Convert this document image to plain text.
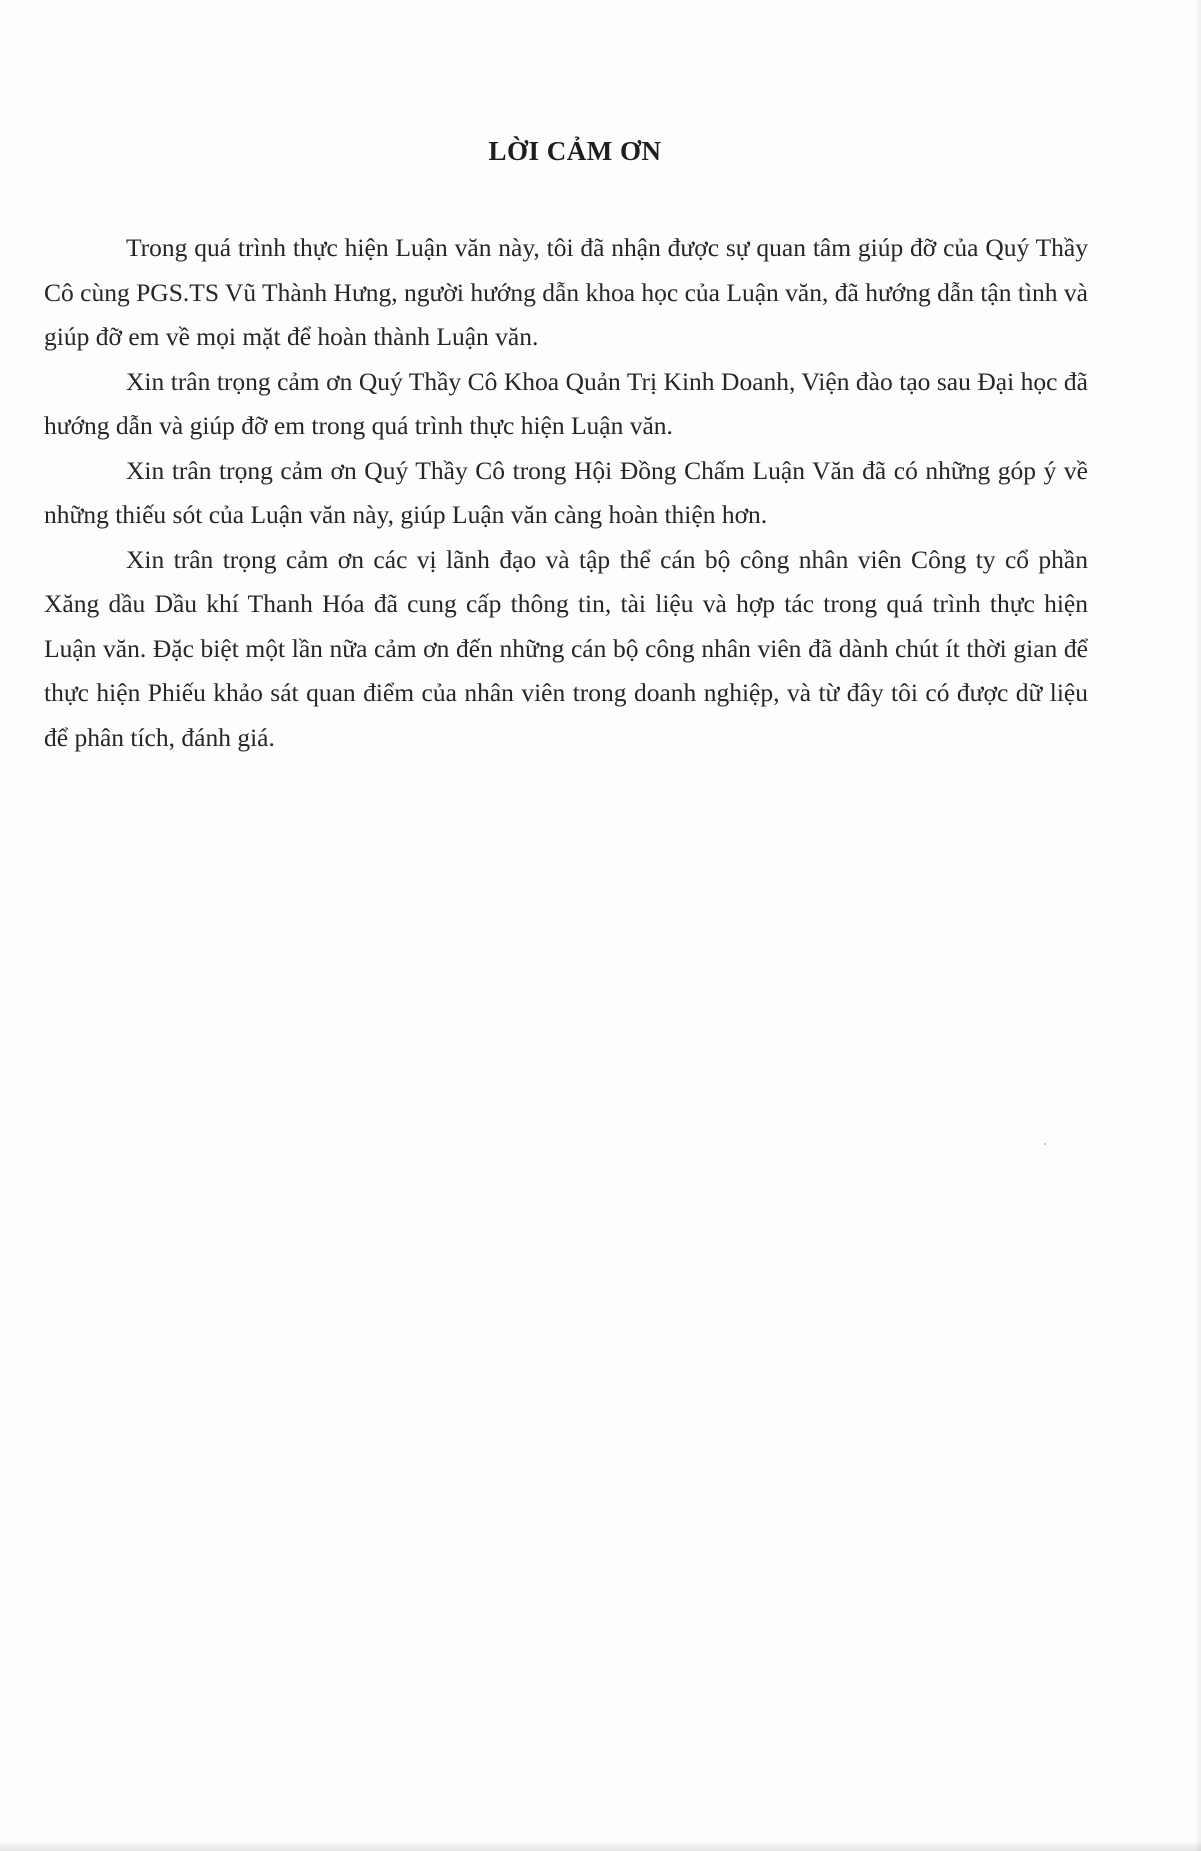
LỜI CẢM ƠN

Trong quá trình thực hiện Luận văn này, tôi đã nhận được sự quan tâm giúp đỡ của Quý Thầy Cô cùng PGS.TS Vũ Thành Hưng, người hướng dẫn khoa học của Luận văn, đã hướng dẫn tận tình và giúp đỡ em về mọi mặt để hoàn thành Luận văn.

Xin trân trọng cảm ơn Quý Thầy Cô Khoa Quản Trị Kinh Doanh, Viện đào tạo sau Đại học đã hướng dẫn và giúp đỡ em trong quá trình thực hiện Luận văn.

Xin trân trọng cảm ơn Quý Thầy Cô trong Hội Đồng Chấm Luận Văn đã có những góp ý về những thiếu sót của Luận văn này, giúp Luận văn càng hoàn thiện hơn.

Xin trân trọng cảm ơn các vị lãnh đạo và tập thể cán bộ công nhân viên Công ty cổ phần Xăng dầu Dầu khí Thanh Hóa đã cung cấp thông tin, tài liệu và hợp tác trong quá trình thực hiện Luận văn. Đặc biệt một lần nữa cảm ơn đến những cán bộ công nhân viên đã dành chút ít thời gian để thực hiện Phiếu khảo sát quan điểm của nhân viên trong doanh nghiệp, và từ đây tôi có được dữ liệu để phân tích, đánh giá.
